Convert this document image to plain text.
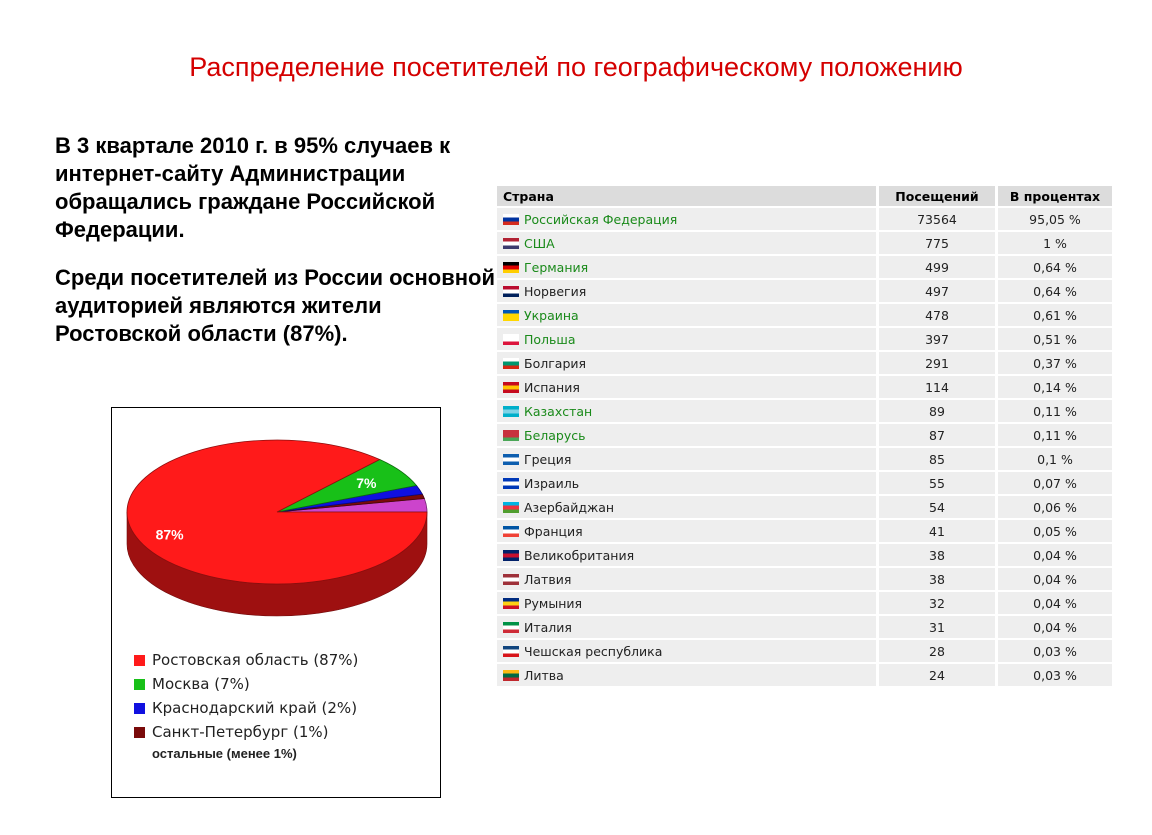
Распределение посетителей по географическому положению

В 3 квартале 2010 г. в 95% случаев к интернет-сайту Администрации обращались граждане Российской Федерации.

Среди посетителей из России основной аудиторией являются жители Ростовской области (87%).

87%
7%
Ростовская область (87%)
Москва (7%)
Краснодарский край (2%)
Санкт-Петербург (1%)
остальные (менее 1%)
Страна		Посещений		В процентах

Российская Федерация		73564		95,05 %

США		775		1 %

Германия		499		0,64 %

Норвегия		497		0,64 %

Украина		478		0,61 %

Польша		397		0,51 %

Болгария		291		0,37 %

Испания		114		0,14 %

Казахстан		89		0,11 %

Беларусь		87		0,11 %

Греция		85		0,1 %

Израиль		55		0,07 %

Азербайджан		54		0,06 %

Франция		41		0,05 %

Великобритания		38		0,04 %

Латвия		38		0,04 %

Румыния		32		0,04 %

Италия		31		0,04 %

Чешская республика		28		0,03 %

Литва		24		0,03 %
